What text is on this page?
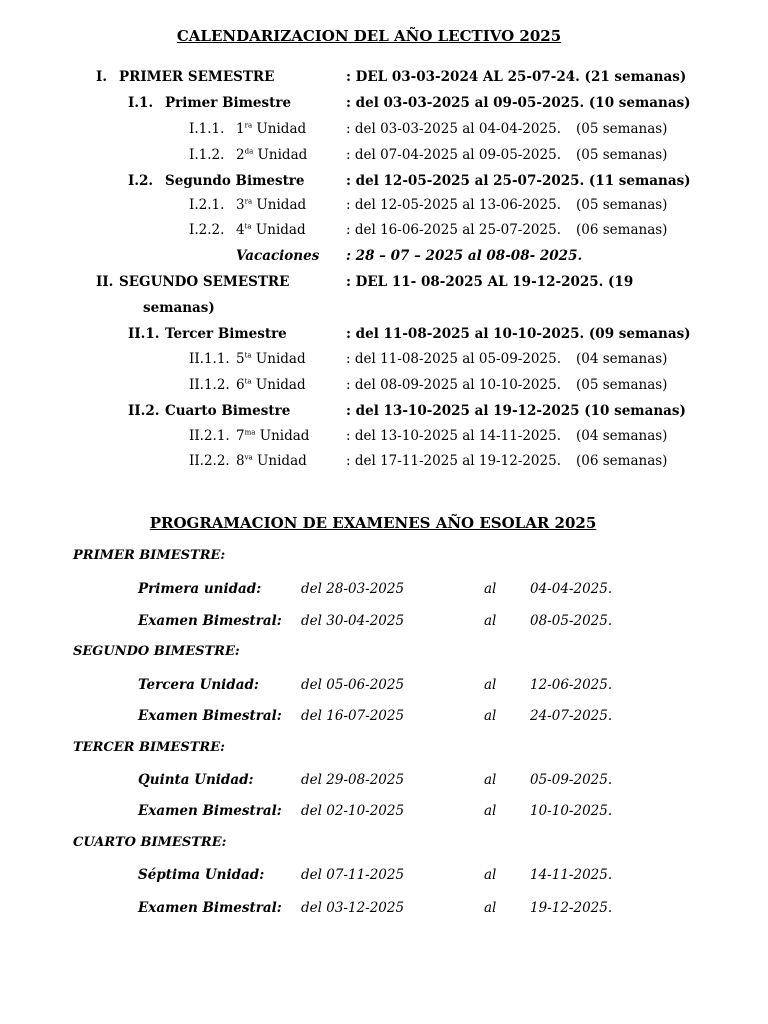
CALENDARIZACION DEL AÑO LECTIVO 2025
I. PRIMER SEMESTRE	: DEL 03-03-2024 AL 25-07-24. (21 semanas)
I.1. Primer Bimestre	: del 03-03-2025 al 09-05-2025. (10 semanas)
I.1.1. $1^{ra}$ Unidad	: del 03-03-2025 al 04-04-2025. (05 semanas)
I.1.2. $2^{da}$ Unidad	: del 07-04-2025 al 09-05-2025. (05 semanas)
I.2. Segundo Bimestre	: del 12-05-2025 al 25-07-2025. (11 semanas)
I.2.1. $3^{ra}$ Unidad	: del 12-05-2025 al 13-06-2025. (05 semanas)
I.2.2. $4^{ta}$ Unidad	: del 16-06-2025 al 25-07-2025. (06 semanas)
Vacaciones : 28 – 07 – 2025 al 08-08- 2025.
II. SEGUNDO SEMESTRE	: DEL 11- 08-2025 AL 19-12-2025. (19
semanas)
II.1. Tercer Bimestre	: del 11-08-2025 al 10-10-2025. (09 semanas)
II.1.1. $5^{ta}$ Unidad	: del 11-08-2025 al 05-09-2025. (04 semanas)
II.1.2. $6^{ta}$ Unidad	: del 08-09-2025 al 10-10-2025. (05 semanas)
II.2. Cuarto Bimestre	: del 13-10-2025 al 19-12-2025 (10 semanas)
II.2.1. $7^{ma}$ Unidad	: del 13-10-2025 al 14-11-2025. (04 semanas)
II.2.2. $8^{va}$ Unidad	: del 17-11-2025 al 19-12-2025. (06 semanas)
PROGRAMACION DE EXAMENES AÑO ESOLAR 2025
PRIMER BIMESTRE:
Primera unidad:	del 28-03-2025	al 04-04-2025.
Examen Bimestral: del 30-04-2025	al 08-05-2025.
SEGUNDO BIMESTRE:
Tercera Unidad:	del 05-06-2025	al 12-06-2025.
Examen Bimestral: del 16-07-2025	al 24-07-2025.
TERCER BIMESTRE:
Quinta Unidad:	del 29-08-2025	al 05-09-2025.
Examen Bimestral: del 02-10-2025	al 10-10-2025.
CUARTO BIMESTRE:
Séptima Unidad:	del 07-11-2025	al 14-11-2025.
Examen Bimestral: del 03-12-2025	al 19-12-2025.
